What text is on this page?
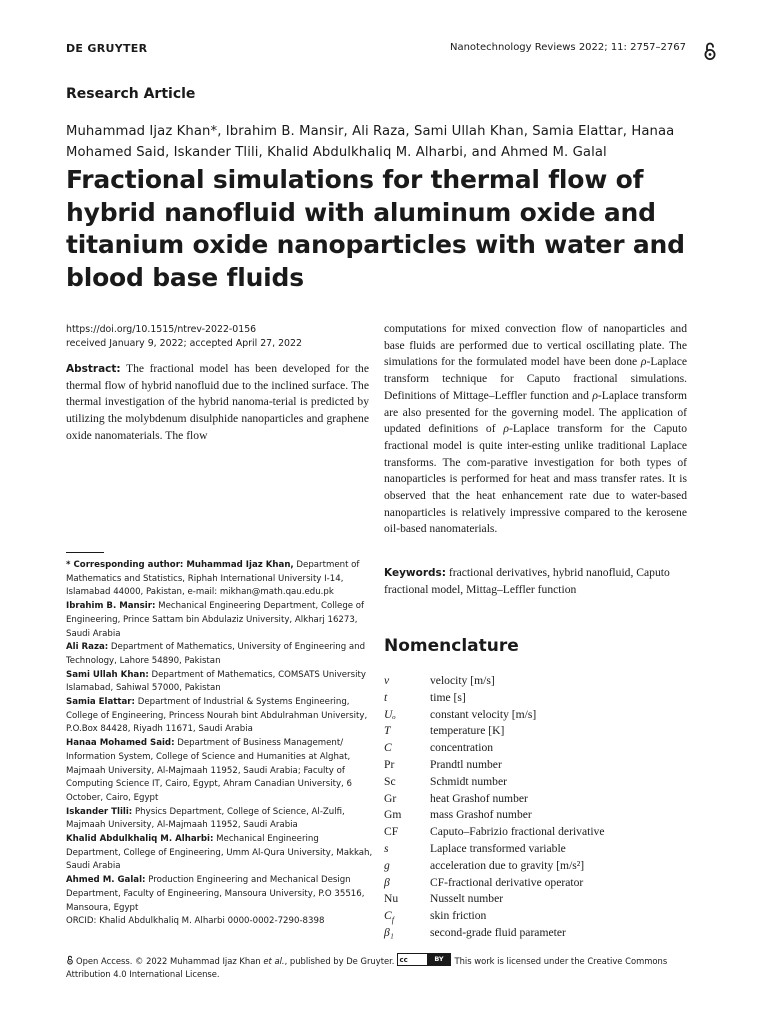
DE GRUYTER	Nanotechnology Reviews 2022; 11: 2757–2767
Research Article
Muhammad Ijaz Khan*, Ibrahim B. Mansir, Ali Raza, Sami Ullah Khan, Samia Elattar, Hanaa Mohamed Said, Iskander Tlili, Khalid Abdulkhaliq M. Alharbi, and Ahmed M. Galal
Fractional simulations for thermal flow of hybrid nanofluid with aluminum oxide and titanium oxide nanoparticles with water and blood base fluids
https://doi.org/10.1515/ntrev-2022-0156
received January 9, 2022; accepted April 27, 2022
Abstract: The fractional model has been developed for the thermal flow of hybrid nanofluid due to the inclined surface. The thermal investigation of the hybrid nanoma-terial is predicted by utilizing the molybdenum disulphide nanoparticles and graphene oxide nanomaterials. The flow
computations for mixed convection flow of nanoparticles and base fluids are performed due to vertical oscillating plate. The simulations for the formulated model have been done ρ-Laplace transform technique for Caputo fractional simulations. Definitions of Mittage–Leffler function and ρ-Laplace transform are also presented for the governing model. The application of updated definitions of ρ-Laplace transform for the Caputo fractional model is quite inter-esting unlike traditional Laplace transforms. The com-parative investigation for both types of nanoparticles is performed for heat and mass transfer rates. It is observed that the heat enhancement rate due to water-based nanoparticles is relatively impressive compared to the kerosene oil-based nanomaterials.
Keywords: fractional derivatives, hybrid nanofluid, Caputo fractional model, Mittag–Leffler function

* Corresponding author: Muhammad Ijaz Khan, Department of Mathematics and Statistics, Riphah International University I-14, Islamabad 44000, Pakistan, e-mail: mikhan@math.qau.edu.pk

Ibrahim B. Mansir: Mechanical Engineering Department, College of Engineering, Prince Sattam bin Abdulaziz University, Alkharj 16273, Saudi Arabia

Ali Raza: Department of Mathematics, University of Engineering and Technology, Lahore 54890, Pakistan

Sami Ullah Khan: Department of Mathematics, COMSATS University Islamabad, Sahiwal 57000, Pakistan

Samia Elattar: Department of Industrial & Systems Engineering, College of Engineering, Princess Nourah bint Abdulrahman University, P.O.Box 84428, Riyadh 11671, Saudi Arabia

Hanaa Mohamed Said: Department of Business Management/ Information System, College of Science and Humanities at Alghat, Majmaah University, Al-Majmaah 11952, Saudi Arabia; Faculty of Computing Science IT, Cairo, Egypt, Ahram Canadian University, 6 October, Cairo, Egypt

Iskander Tlili: Physics Department, College of Science, Al-Zulfi, Majmaah University, Al-Majmaah 11952, Saudi Arabia

Khalid Abdulkhaliq M. Alharbi: Mechanical Engineering Department, College of Engineering, Umm Al-Qura University, Makkah, Saudi Arabia

Ahmed M. Galal: Production Engineering and Mechanical Design Department, Faculty of Engineering, Mansoura University, P.O 35516, Mansoura, Egypt

ORCID: Khalid Abdulkhaliq M. Alharbi 0000-0002-7290-8398

Nomenclature
v	velocity [m/s]
t	time [s]
Uₒ	constant velocity [m/s]
T	temperature [K]
C	concentration
Pr	Prandtl number
Sc	Schmidt number
Gr	heat Grashof number
Gm mass Grashof number
CF	Caputo–Fabrizio fractional derivative
s	Laplace transformed variable
g	acceleration due to gravity [m/s²]
β	CF-fractional derivative operator
Nu	Nusselt number
$C_f$	skin friction
β₁	second-grade fluid parameter
Open Access. © 2022 Muhammad Ijaz Khan et al., published by De Gruyter. cc	BY	This work is licensed under the Creative Commons Attribution 4.0 International License.
